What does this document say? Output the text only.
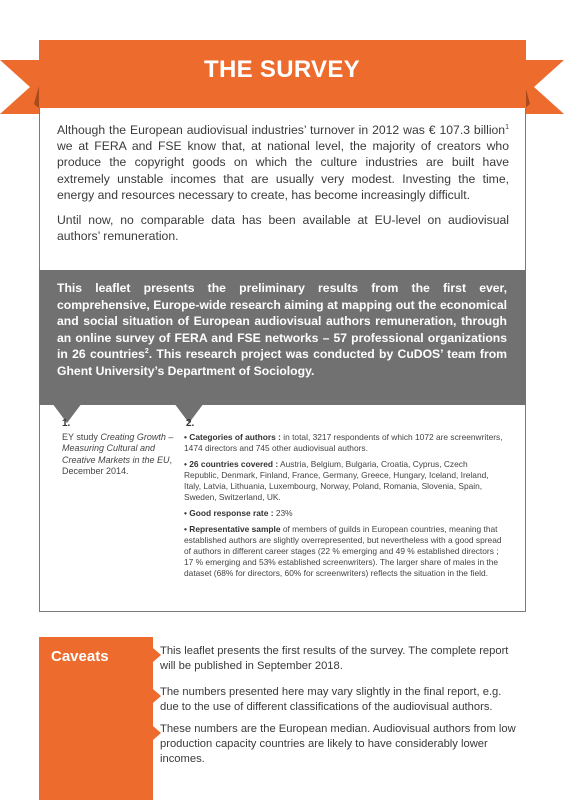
THE SURVEY

Although the European audiovisual industries’ turnover in 2012 was € 107.3 billion$^1$ we at FERA and FSE know that, at national level, the majority of creators who produce the copyright goods on which the culture industries are built have extremely unstable incomes that are usually very modest. Investing the time, energy and resources necessary to create, has become increasingly difficult.

Until now, no comparable data has been available at EU-level on audiovisual authors’ remuneration.

This leaflet presents the preliminary results from the first ever, comprehensive, Europe-wide research aiming at mapping out the economical and social situation of European audiovisual authors remuneration, through an online survey of FERA and FSE networks – 57 professional organizations in 26 countries$^2$. This research project was conducted by CuDOS’ team from Ghent University’s Department of Sociology.
1.
EY study Creating Growth – Measuring Cultural and Creative Markets in the EU, December 2014.
2.
• Categories of authors : in total, 3217 respondents of which 1072 are screenwriters, 1474 directors and 745 other audiovisual authors.
• 26 countries covered : Austria, Belgium, Bulgaria, Croatia, Cyprus, Czech Republic, Denmark, Finland, France, Germany, Greece, Hungary, Iceland, Ireland, Italy, Latvia, Lithuania, Luxembourg, Norway, Poland, Romania, Slovenia, Spain, Sweden, Switzerland, UK.
• Good response rate : 23%
• Representative sample of members of guilds in European countries, meaning that established authors are slightly overrepresented, but nevertheless with a good spread of authors in different career stages (22 % emerging and 49 % established directors ; 17 % emerging and 53% established screenwriters). The larger share of males in the dataset (68% for directors, 60% for screenwriters) reflects the situation in the field.
Caveats	This leaflet presents the first results of the survey. The complete report will be published in September 2018.
The numbers presented here may vary slightly in the final report, e.g. due to the use of different classifications of the audiovisual authors.
These numbers are the European median. Audiovisual authors from low production capacity countries are likely to have considerably lower incomes.
